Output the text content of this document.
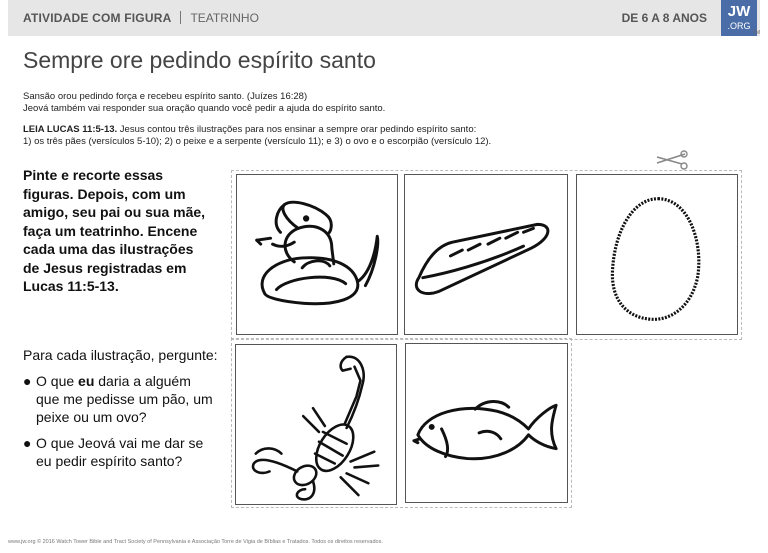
ATIVIDADE COM FIGURA TEATRINHO	DE 6 A 8 ANOS	JW
.ORG
TM
Sempre ore pedindo espírito santo
Sansão orou pedindo força e recebeu espírito santo. (Juízes 16:28)
Jeová também vai responder sua oração quando você pedir a ajuda do espírito santo.
LEIA LUCAS 11:5-13. Jesus contou três ilustrações para nos ensinar a sempre orar pedindo espírito santo:
1) os três pães (versículos 5-10); 2) o peixe e a serpente (versículo 11); e 3) o ovo e o escorpião (versículo 12).
Pinte e recorte essas figuras. Depois, com um amigo, seu pai ou sua mãe, faça um teatrinho. Encene cada uma das ilustrações de Jesus registradas em Lucas 11:5-13.
Para cada ilustração, pergunte:
● O que eu daria a alguém que me pedisse um pão, um peixe ou um ovo?
● O que Jeová vai me dar se eu pedir espírito santo?
www.jw.org © 2016 Watch Tower Bible and Tract Society of Pennsylvania e Associação Torre de Vigia de Bíblias e Tratados. Todos os direitos reservados.
